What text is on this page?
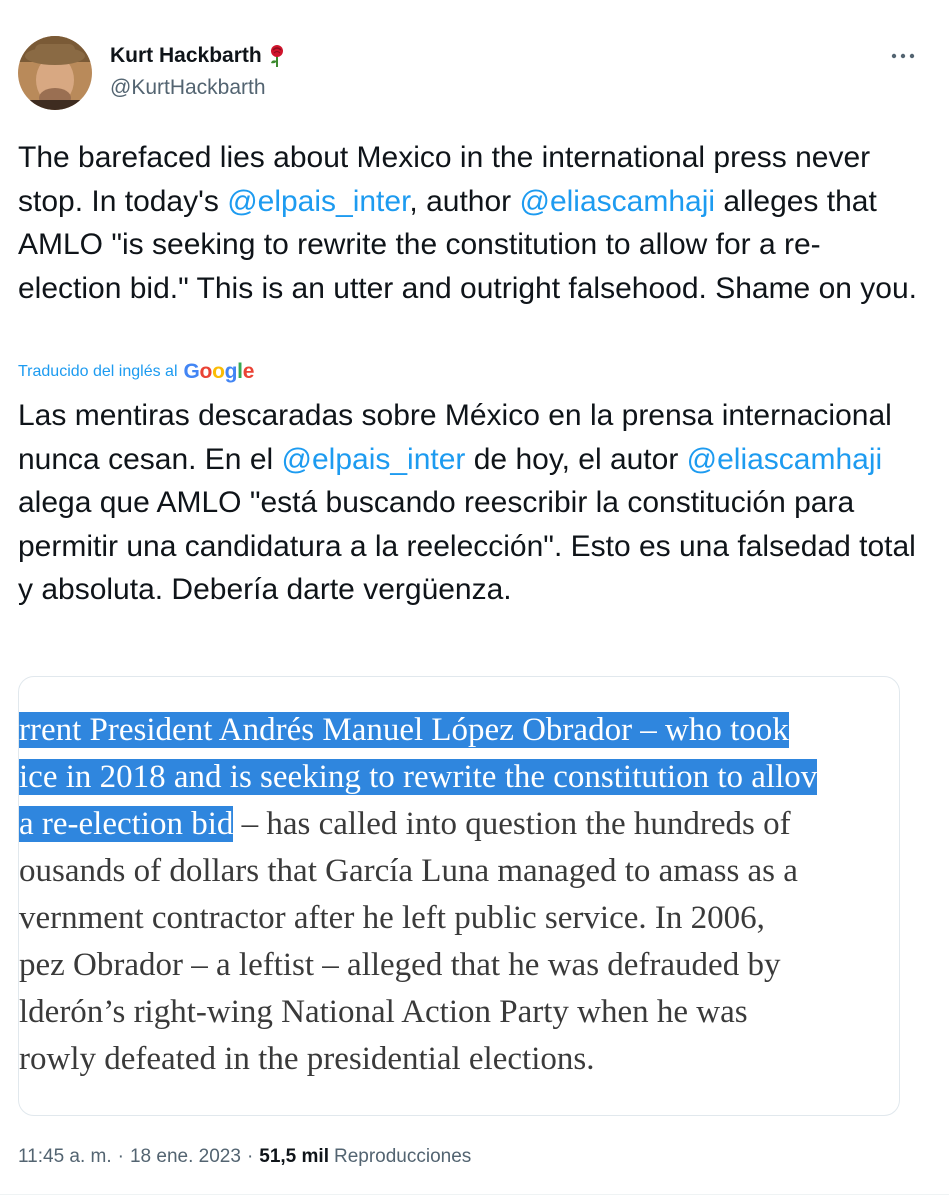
Kurt Hackbarth
@KurtHackbarth

The barefaced lies about Mexico in the international press never stop. In today's @elpais_inter, author @eliascamhaji alleges that AMLO "is seeking to rewrite the constitution to allow for a re-election bid." This is an utter and outright falsehood. Shame on you.

Traducido del inglés al Google

Las mentiras descaradas sobre México en la prensa internacional nunca cesan. En el @elpais_inter de hoy, el autor @eliascamhaji alega que AMLO "está buscando reescribir la constitución para permitir una candidatura a la reelección". Esto es una falsedad total y absoluta. Debería darte vergüenza.

rrent President Andrés Manuel López Obrador – who took
ice in 2018 and is seeking to rewrite the constitution to allov
a re-election bid – has called into question the hundreds of
ousands of dollars that García Luna managed to amass as a
vernment contractor after he left public service. In 2006,
pez Obrador – a leftist – alleged that he was defrauded by
lderón’s right-wing National Action Party when he was
rowly defeated in the presidential elections.
11:45 a. m. · 18 ene. 2023 · 51,5 mil Reproducciones
